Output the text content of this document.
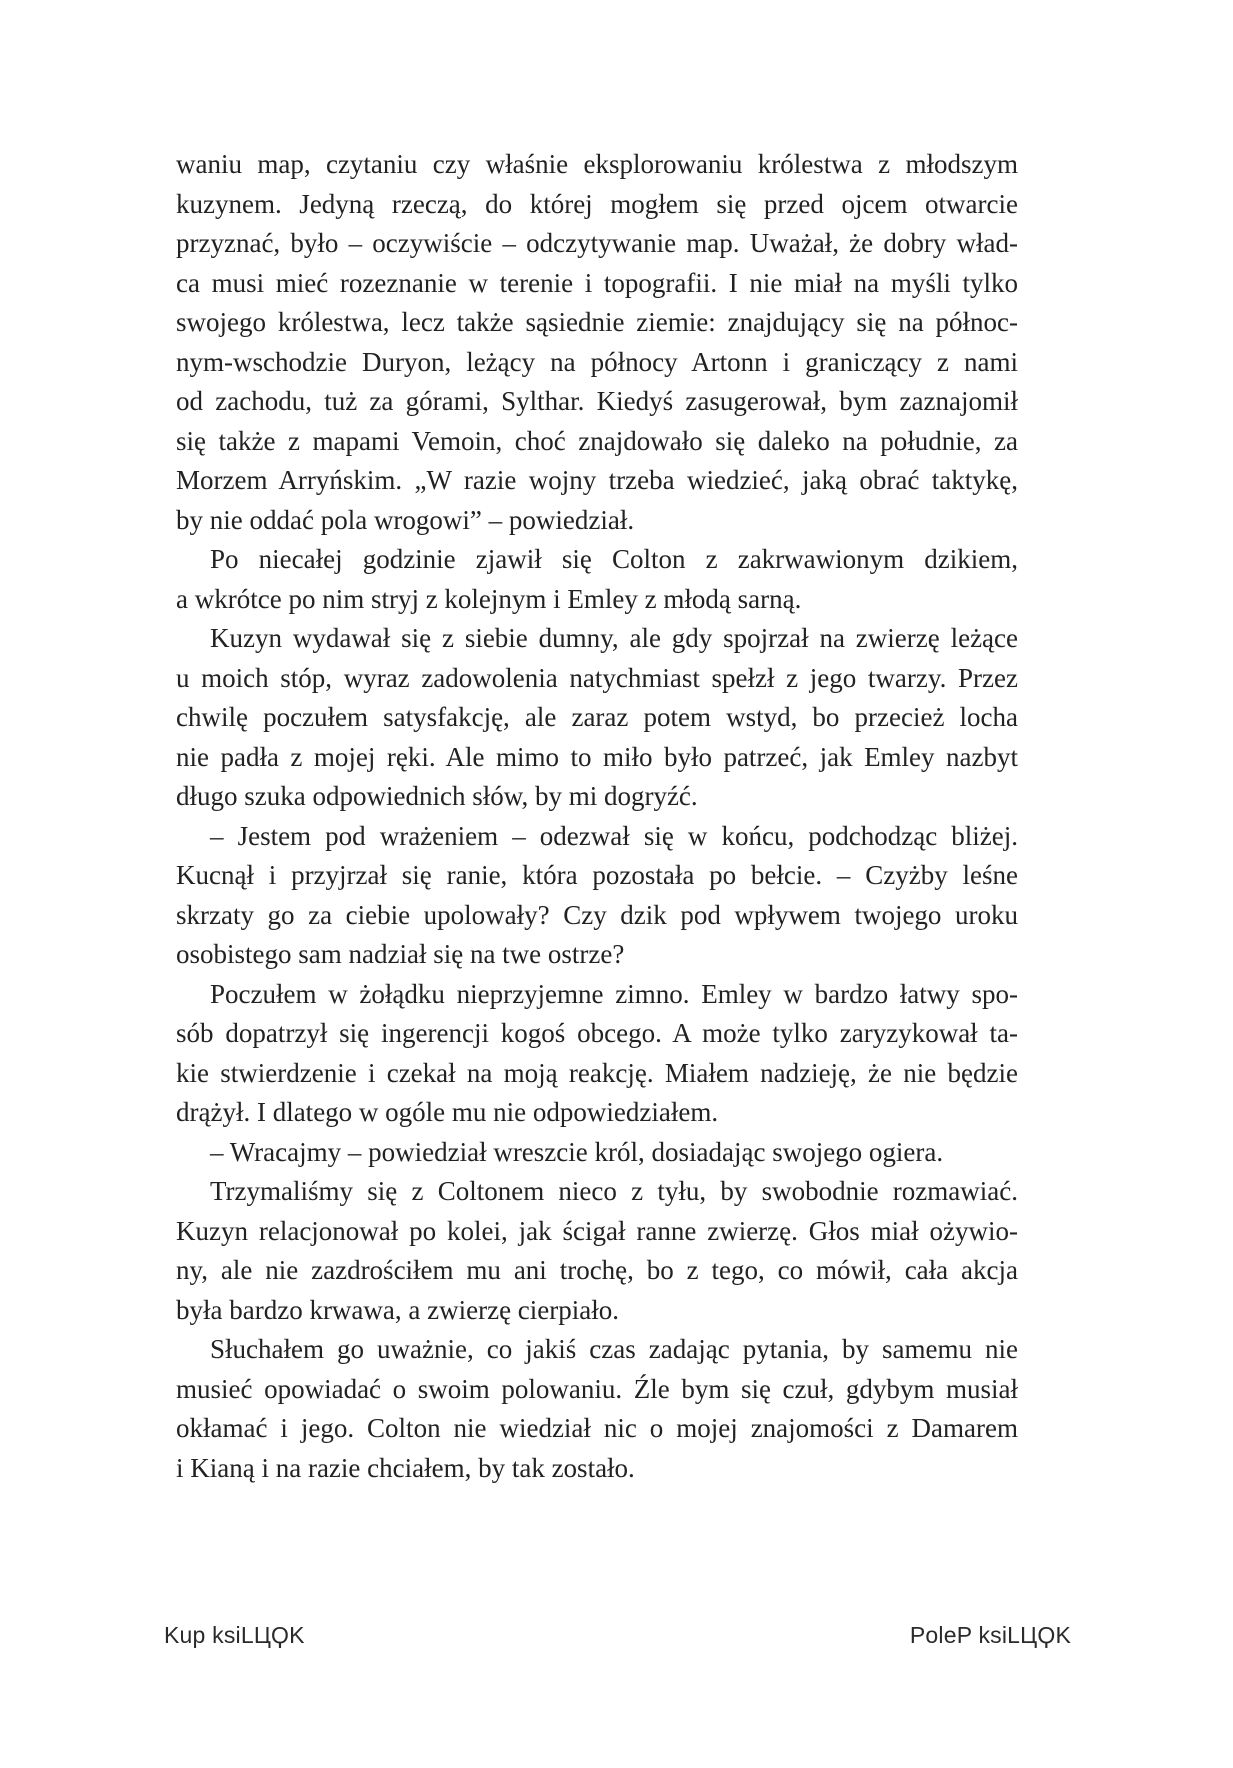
waniu map, czytaniu czy właśnie eksplorowaniu królestwa z młodszym
kuzynem. Jedyną rzeczą, do której mogłem się przed ojcem otwarcie
przyznać, było – oczywiście – odczytywanie map. Uważał, że dobry wład-
ca musi mieć rozeznanie w terenie i topografii. I nie miał na myśli tylko
swojego królestwa, lecz także sąsiednie ziemie: znajdujący się na północ-
nym-wschodzie Duryon, leżący na północy Artonn i graniczący z nami
od zachodu, tuż za górami, Sylthar. Kiedyś zasugerował, bym zaznajomił
się także z mapami Vemoin, choć znajdowało się daleko na południe, za
Morzem Arryńskim. „W razie wojny trzeba wiedzieć, jaką obrać taktykę,
by nie oddać pola wrogowi” – powiedział.
Po niecałej godzinie zjawił się Colton z zakrwawionym dzikiem,
a wkrótce po nim stryj z kolejnym i Emley z młodą sarną.
Kuzyn wydawał się z siebie dumny, ale gdy spojrzał na zwierzę leżące
u moich stóp, wyraz zadowolenia natychmiast spełzł z jego twarzy. Przez
chwilę poczułem satysfakcję, ale zaraz potem wstyd, bo przecież locha
nie padła z mojej ręki. Ale mimo to miło było patrzeć, jak Emley nazbyt
długo szuka odpowiednich słów, by mi dogryźć.
– Jestem pod wrażeniem – odezwał się w końcu, podchodząc bliżej.
Kucnął i przyjrzał się ranie, która pozostała po bełcie. – Czyżby leśne
skrzaty go za ciebie upolowały? Czy dzik pod wpływem twojego uroku
osobistego sam nadział się na twe ostrze?
Poczułem w żołądku nieprzyjemne zimno. Emley w bardzo łatwy spo-
sób dopatrzył się ingerencji kogoś obcego. A może tylko zaryzykował ta-
kie stwierdzenie i czekał na moją reakcję. Miałem nadzieję, że nie będzie
drążył. I dlatego w ogóle mu nie odpowiedziałem.
– Wracajmy – powiedział wreszcie król, dosiadając swojego ogiera.
Trzymaliśmy się z Coltonem nieco z tyłu, by swobodnie rozmawiać.
Kuzyn relacjonował po kolei, jak ścigał ranne zwierzę. Głos miał ożywio-
ny, ale nie zazdrościłem mu ani trochę, bo z tego, co mówił, cała akcja
była bardzo krwawa, a zwierzę cierpiało.
Słuchałem go uważnie, co jakiś czas zadając pytania, by samemu nie
musieć opowiadać o swoim polowaniu. Źle bym się czuł, gdybym musiał
okłamać i jego. Colton nie wiedział nic o mojej znajomości z Damarem
i Kianą i na razie chciałem, by tak zostało.
Kup ksiLЦϘK	PoleP ksiLЦϘK
